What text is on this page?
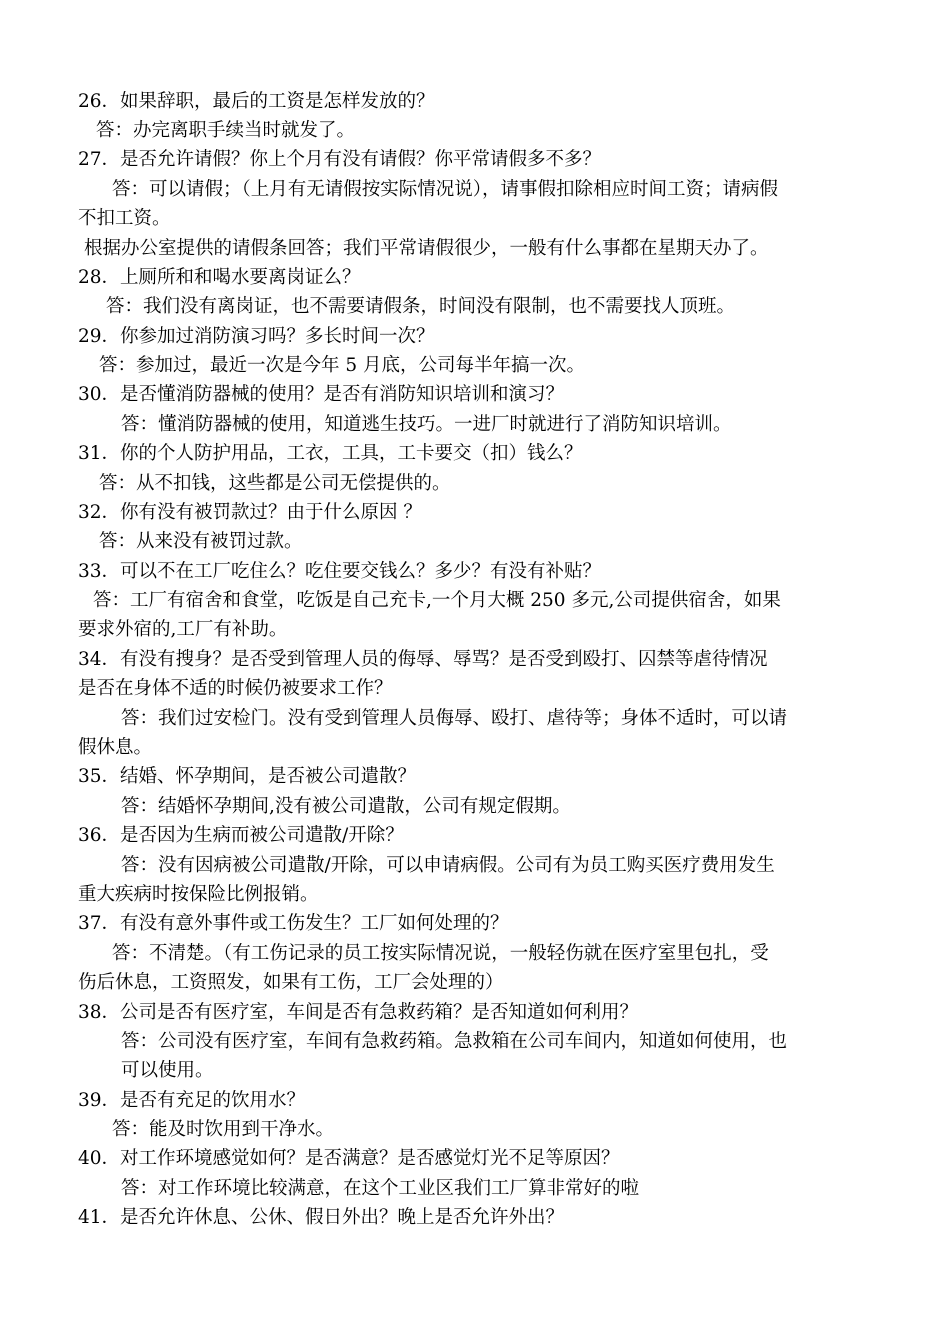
26．如果辞职，最后的工资是怎样发放的？
答：办完离职手续当时就发了。
27．是否允许请假？你上个月有没有请假？你平常请假多不多？
答：可以请假；（上月有无请假按实际情况说），请事假扣除相应时间工资；请病假
不扣工资。
根据办公室提供的请假条回答；我们平常请假很少，一般有什么事都在星期天办了。
28．上厕所和和喝水要离岗证么？
答：我们没有离岗证，也不需要请假条，时间没有限制，也不需要找人顶班。
29．你参加过消防演习吗？多长时间一次？
答：参加过，最近一次是今年 5 月底，公司每半年搞一次。
30．是否懂消防器械的使用？是否有消防知识培训和演习？
答：懂消防器械的使用，知道逃生技巧。一进厂时就进行了消防知识培训。
31．你的个人防护用品，工衣，工具，工卡要交（扣）钱么？
答：从不扣钱，这些都是公司无偿提供的。
32．你有没有被罚款过？由于什么原因 ？
答：从来没有被罚过款。
33．可以不在工厂吃住么？吃住要交钱么？多少？有没有补贴？
答：工厂有宿舍和食堂，吃饭是自己充卡,一个月大概 250 多元,公司提供宿舍，如果
要求外宿的,工厂有补助。
34．有没有搜身？是否受到管理人员的侮辱、辱骂？是否受到殴打、囚禁等虐待情况
是否在身体不适的时候仍被要求工作？
答：我们过安检门。没有受到管理人员侮辱、殴打、虐待等；身体不适时，可以请
假休息。
35．结婚、怀孕期间，是否被公司遣散？
答：结婚怀孕期间,没有被公司遣散，公司有规定假期。
36．是否因为生病而被公司遣散/开除？
答：没有因病被公司遣散/开除，可以申请病假。公司有为员工购买医疗费用发生
重大疾病时按保险比例报销。
37．有没有意外事件或工伤发生？工厂如何处理的？
答：不清楚。（有工伤记录的员工按实际情况说，一般轻伤就在医疗室里包扎，受
伤后休息，工资照发，如果有工伤，工厂会处理的）
38．公司是否有医疗室，车间是否有急救药箱？是否知道如何利用？
答：公司没有医疗室，车间有急救药箱。急救箱在公司车间内，知道如何使用，也
可以使用。
39．是否有充足的饮用水？
答：能及时饮用到干净水。
40．对工作环境感觉如何？是否满意？是否感觉灯光不足等原因？
答：对工作环境比较满意，在这个工业区我们工厂算非常好的啦
41．是否允许休息、公休、假日外出？晚上是否允许外出？
